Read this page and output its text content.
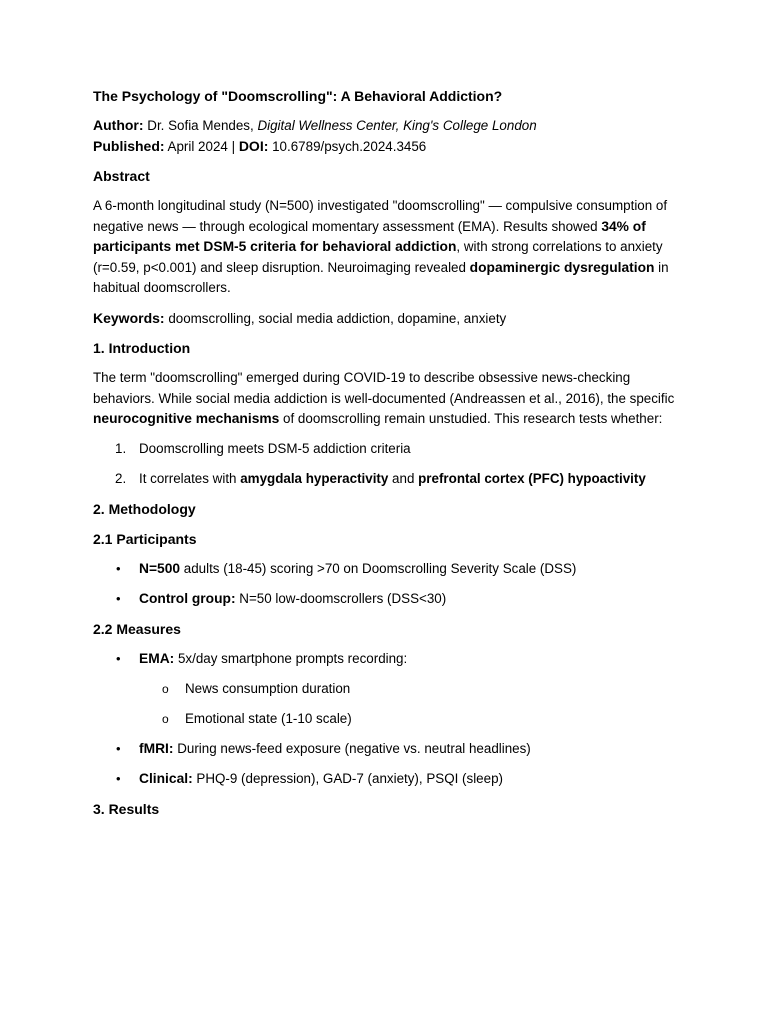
The Psychology of "Doomscrolling": A Behavioral Addiction?
Author: Dr. Sofia Mendes, Digital Wellness Center, King's College London
Published: April 2024 | DOI: 10.6789/psych.2024.3456
Abstract

A 6-month longitudinal study (N=500) investigated "doomscrolling" — compulsive consumption of negative news — through ecological momentary assessment (EMA). Results showed 34% of participants met DSM-5 criteria for behavioral addiction, with strong correlations to anxiety (r=0.59, p<0.001) and sleep disruption. Neuroimaging revealed dopaminergic dysregulation in habitual doomscrollers.

Keywords: doomscrolling, social media addiction, dopamine, anxiety

1. Introduction

The term "doomscrolling" emerged during COVID-19 to describe obsessive news-checking behaviors. While social media addiction is well-documented (Andreassen et al., 2016), the specific neurocognitive mechanisms of doomscrolling remain unstudied. This research tests whether:

1. Doomscrolling meets DSM-5 addiction criteria
2. It correlates with amygdala hyperactivity and prefrontal cortex (PFC) hypoactivity
2. Methodology
2.1 Participants
• N=500 adults (18-45) scoring >70 on Doomscrolling Severity Scale (DSS)
• Control group: N=50 low-doomscrollers (DSS<30)
2.2 Measures
• EMA: 5x/day smartphone prompts recording:
o News consumption duration
o Emotional state (1-10 scale)
• fMRI: During news-feed exposure (negative vs. neutral headlines)
• Clinical: PHQ-9 (depression), GAD-7 (anxiety), PSQI (sleep)
3. Results
